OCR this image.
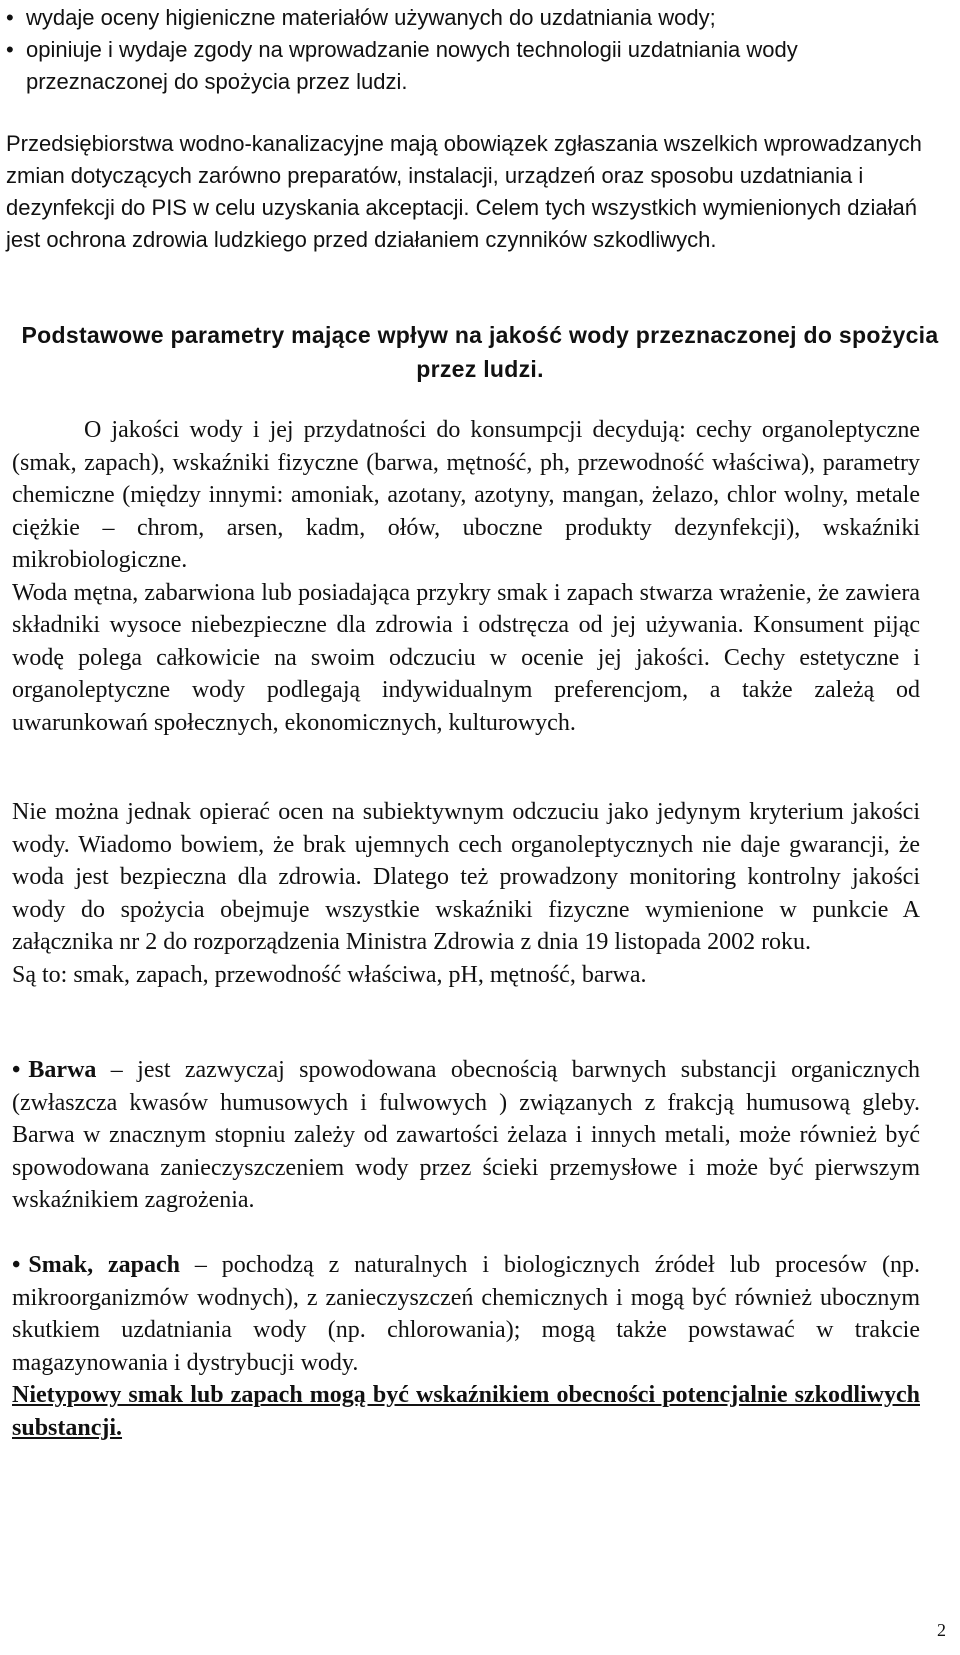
• wydaje oceny higieniczne materiałów używanych do uzdatniania wody;
• opiniuje i wydaje zgody na wprowadzanie nowych technologii uzdatniania wody przeznaczonej do spożycia przez ludzi.
Przedsiębiorstwa wodno-kanalizacyjne mają obowiązek zgłaszania wszelkich wprowadzanych zmian dotyczących zarówno preparatów, instalacji, urządzeń oraz sposobu uzdatniania i dezynfekcji do PIS w celu uzyskania akceptacji. Celem tych wszystkich wymienionych działań jest ochrona zdrowia ludzkiego przed działaniem czynników szkodliwych.
Podstawowe parametry mające wpływ na jakość wody przeznaczonej do spożycia przez ludzi.
O jakości wody i jej przydatności do konsumpcji decydują: cechy organoleptyczne (smak, zapach), wskaźniki fizyczne (barwa, mętność, ph, przewodność właściwa), parametry chemiczne (między innymi: amoniak, azotany, azotyny, mangan, żelazo, chlor wolny, metale ciężkie – chrom, arsen, kadm, ołów, uboczne produkty dezynfekcji), wskaźniki mikrobiologiczne.
Woda mętna, zabarwiona lub posiadająca przykry smak i zapach stwarza wrażenie, że zawiera składniki wysoce niebezpieczne dla zdrowia i odstręcza od jej używania. Konsument pijąc wodę polega całkowicie na swoim odczuciu w ocenie jej jakości. Cechy estetyczne i organoleptyczne wody podlegają indywidualnym preferencjom, a także zależą od uwarunkowań społecznych, ekonomicznych, kulturowych.
Nie można jednak opierać ocen na subiektywnym odczuciu jako jedynym kryterium jakości wody. Wiadomo bowiem, że brak ujemnych cech organoleptycznych nie daje gwarancji, że woda jest bezpieczna dla zdrowia. Dlatego też prowadzony monitoring kontrolny jakości wody do spożycia obejmuje wszystkie wskaźniki fizyczne wymienione w punkcie A załącznika nr 2 do rozporządzenia Ministra Zdrowia z dnia 19 listopada 2002 roku.
Są to: smak, zapach, przewodność właściwa, pH, mętność, barwa.
• Barwa – jest zazwyczaj spowodowana obecnością barwnych substancji organicznych (zwłaszcza kwasów humusowych i fulwowych ) związanych z frakcją humusową gleby. Barwa w znacznym stopniu zależy od zawartości żelaza i innych metali, może również być spowodowana zanieczyszczeniem wody przez ścieki przemysłowe i może być pierwszym wskaźnikiem zagrożenia.
• Smak, zapach – pochodzą z naturalnych i biologicznych źródeł lub procesów (np. mikroorganizmów wodnych), z zanieczyszczeń chemicznych i mogą być również ubocznym skutkiem uzdatniania wody (np. chlorowania); mogą także powstawać w trakcie magazynowania i dystrybucji wody.
Nietypowy smak lub zapach mogą być wskaźnikiem obecności potencjalnie szkodliwych substancji.
2
